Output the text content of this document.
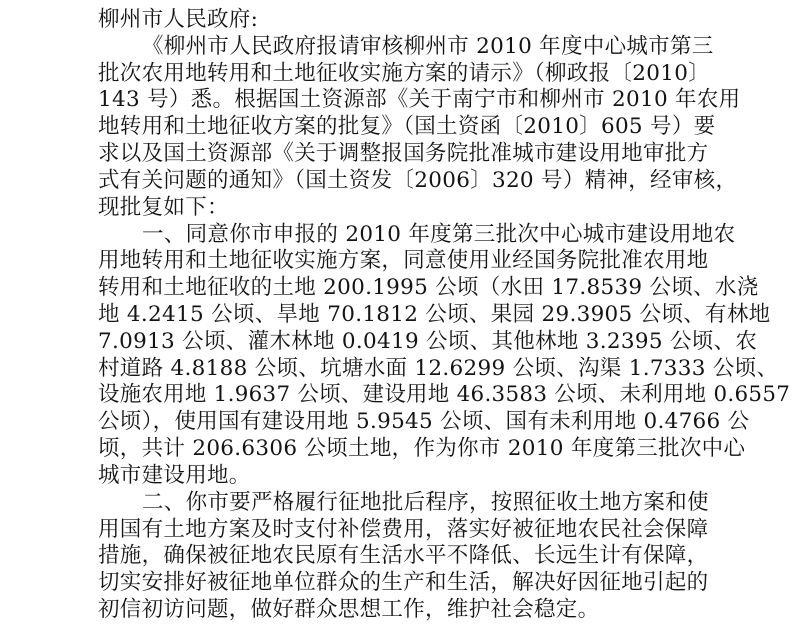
柳州市人民政府:
《柳州市人民政府报请审核柳州市 2010 年度中心城市第三
批次农用地转用和土地征收实施方案的请示》（柳政报〔2010〕
143 号）悉。根据国土资源部《关于南宁市和柳州市 2010 年农用
地转用和土地征收方案的批复》（国土资函〔2010〕605 号）要
求以及国土资源部《关于调整报国务院批准城市建设用地审批方
式有关问题的通知》（国土资发〔2006〕320 号）精神，经审核，
现批复如下：
一、同意你市申报的 2010 年度第三批次中心城市建设用地农
用地转用和土地征收实施方案，同意使用业经国务院批准农用地
转用和土地征收的土地 200.1995 公顷（水田 17.8539 公顷、水浇
地 4.2415 公顷、旱地 70.1812 公顷、果园 29.3905 公顷、有林地
7.0913 公顷、灌木林地 0.0419 公顷、其他林地 3.2395 公顷、农
村道路 4.8188 公顷、坑塘水面 12.6299 公顷、沟渠 1.7333 公顷、
设施农用地 1.9637 公顷、建设用地 46.3583 公顷、未利用地 0.6557
公顷），使用国有建设用地 5.9545 公顷、国有未利用地 0.4766 公
顷，共计 206.6306 公顷土地，作为你市 2010 年度第三批次中心
城市建设用地。
二、你市要严格履行征地批后程序，按照征收土地方案和使
用国有土地方案及时支付补偿费用，落实好被征地农民社会保障
措施，确保被征地农民原有生活水平不降低、长远生计有保障，
切实安排好被征地单位群众的生产和生活，解决好因征地引起的
初信初访问题，做好群众思想工作，维护社会稳定。
